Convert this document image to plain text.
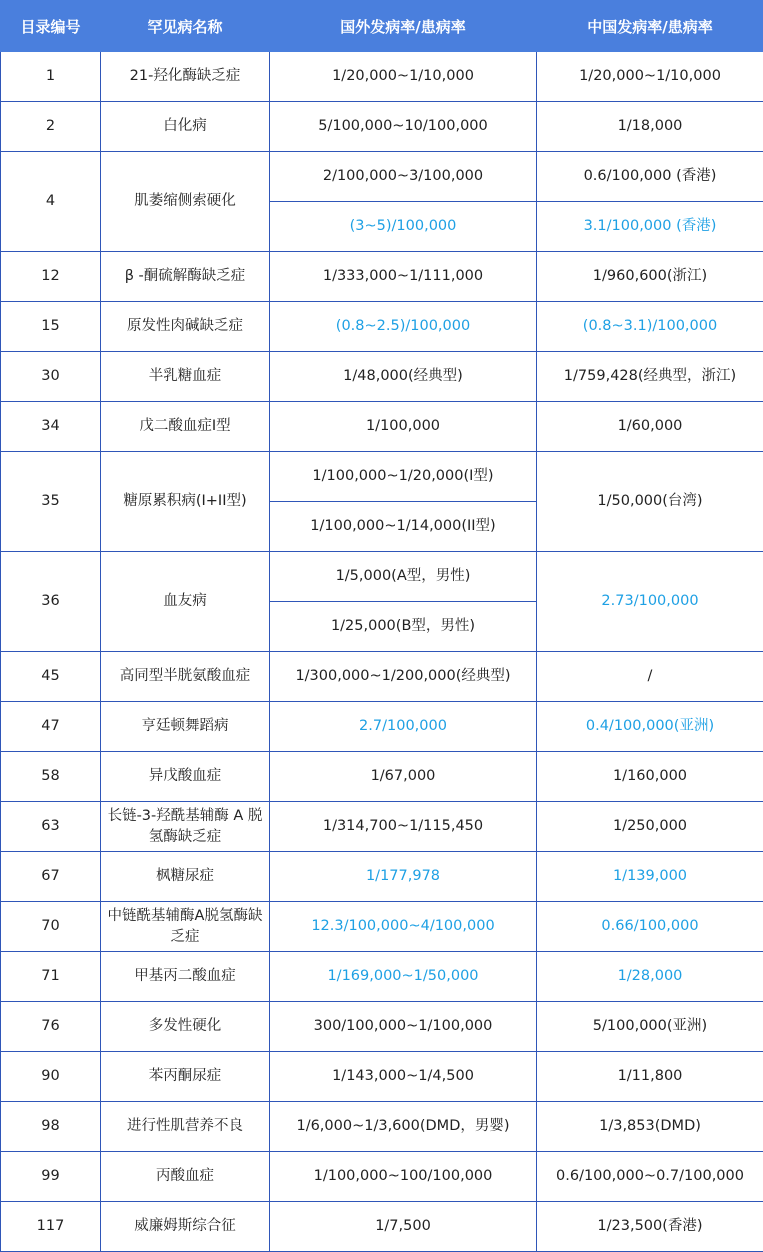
目录编号	罕见病名称	国外发病率/患病率	中国发病率/患病率
1	21-羟化酶缺乏症	1/20,000~1/10,000	1/20,000~1/10,000
2	白化病	5/100,000~10/100,000	1/18,000
4	肌萎缩侧索硬化	2/100,000~3/100,000	0.6/100,000 (香港)
		(3~5)/100,000	3.1/100,000 (香港)
12	β -酮硫解酶缺乏症	1/333,000~1/111,000	1/960,600(浙江)
15	原发性肉碱缺乏症	(0.8~2.5)/100,000	(0.8~3.1)/100,000
30	半乳糖血症	1/48,000(经典型)	1/759,428(经典型，浙江)
34	戊二酸血症I型	1/100,000	1/60,000
35	糖原累积病(I+II型)	1/100,000~1/20,000(I型)	1/50,000(台湾)
		1/100,000~1/14,000(II型)	
36	血友病	1/5,000(A型，男性)	2.73/100,000
		1/25,000(B型，男性)	
45	高同型半胱氨酸血症	1/300,000~1/200,000(经典型)	/
47	亨廷顿舞蹈病	2.7/100,000	0.4/100,000(亚洲)
58	异戊酸血症	1/67,000	1/160,000
63	长链-3-羟酰基辅酶 A 脱氢酶缺乏症	1/314,700~1/115,450	1/250,000
67	枫糖尿症	1/177,978	1/139,000
70	中链酰基辅酶A脱氢酶缺乏症	12.3/100,000~4/100,000	0.66/100,000
71	甲基丙二酸血症	1/169,000~1/50,000	1/28,000
76	多发性硬化	300/100,000~1/100,000	5/100,000(亚洲)
90	苯丙酮尿症	1/143,000~1/4,500	1/11,800
98	进行性肌营养不良	1/6,000~1/3,600(DMD，男婴)	1/3,853(DMD)
99	丙酸血症	1/100,000~100/100,000	0.6/100,000~0.7/100,000
117	威廉姆斯综合征	1/7,500	1/23,500(香港)
